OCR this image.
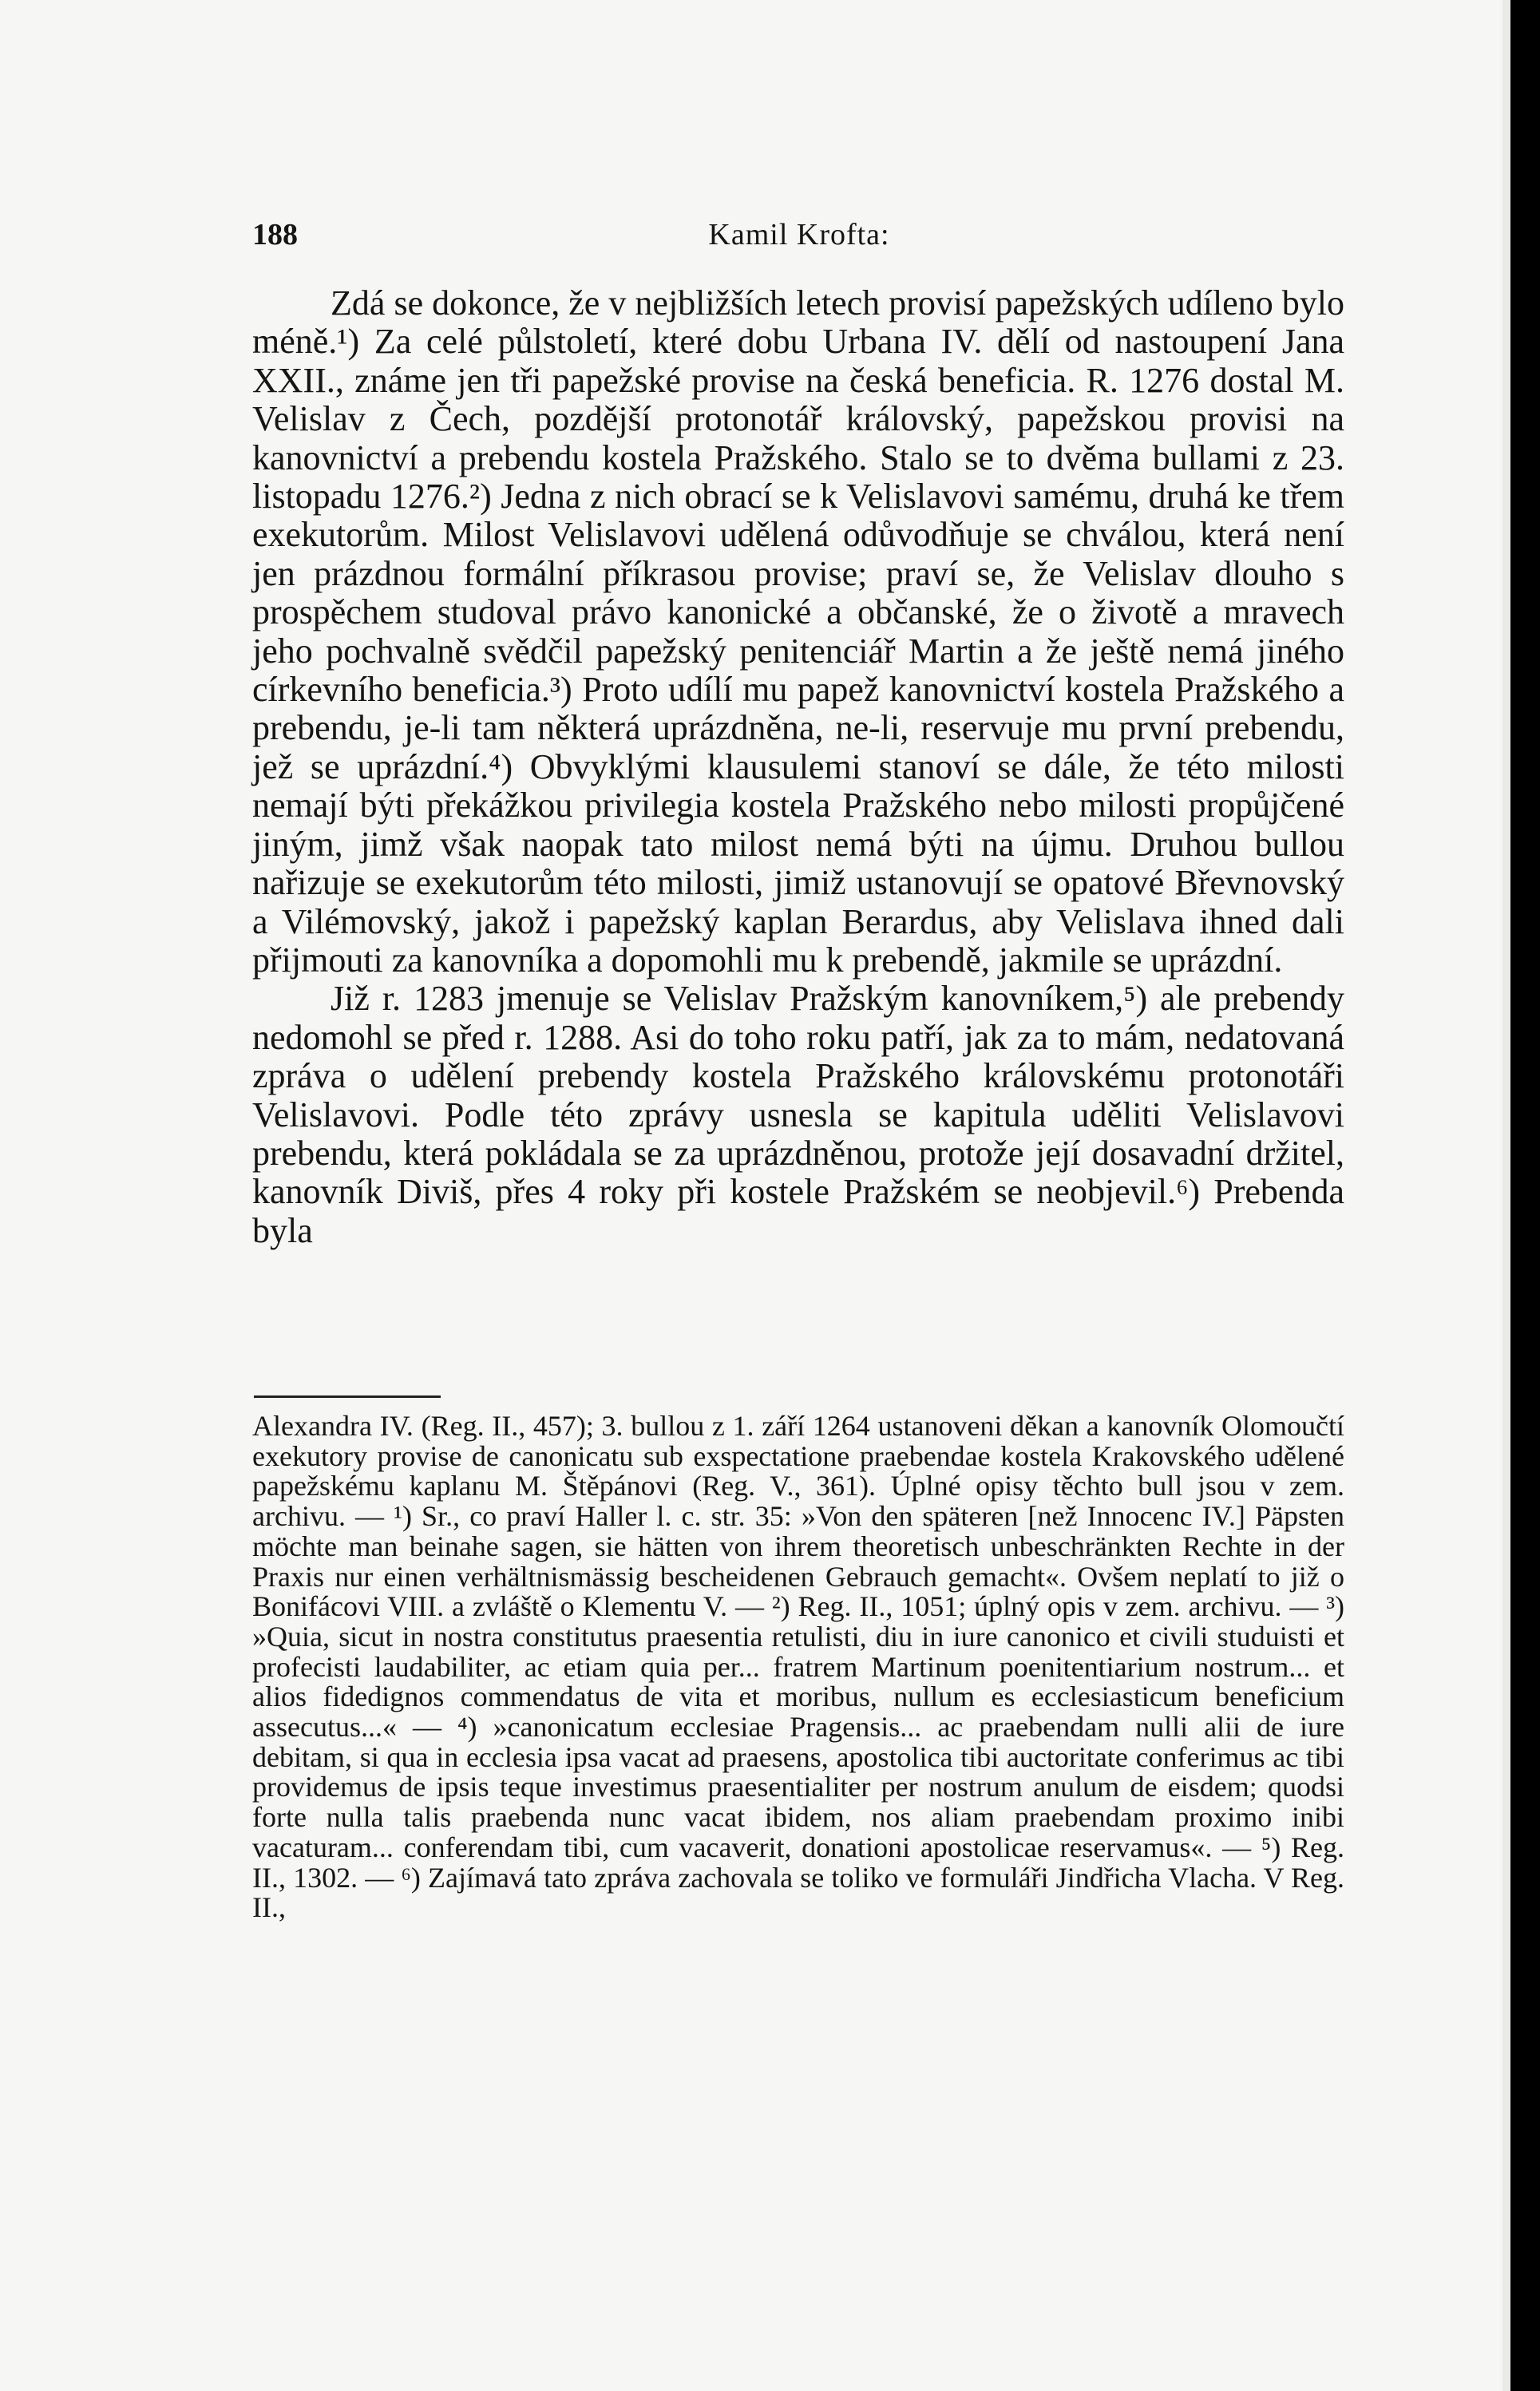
188	Kamil Krofta:

Zdá se dokonce, že v nejbližších letech provisí papežských udíleno bylo méně.¹) Za celé půlstoletí, které dobu Urbana IV. dělí od nastoupení Jana XXII., známe jen tři papežské provise na česká beneficia. R. 1276 dostal M. Velislav z Čech, pozdější protonotář královský, papežskou provisi na kanovnictví a prebendu kostela Pražského. Stalo se to dvěma bullami z 23. listopadu 1276.²) Jedna z nich obrací se k Velislavovi samému, druhá ke třem exekutorům. Milost Velislavovi udělená odůvodňuje se chválou, která není jen prázdnou formální příkrasou provise; praví se, že Velislav dlouho s prospěchem studoval právo kanonické a občanské, že o životě a mravech jeho pochvalně svědčil papežský penitenciář Martin a že ještě nemá jiného církevního beneficia.³) Proto udílí mu papež kanovnictví kostela Pražského a prebendu, je-li tam některá uprázdněna, ne-li, reservuje mu první prebendu, jež se uprázdní.⁴) Obvyklými klausulemi stanoví se dále, že této milosti nemají býti překážkou privilegia kostela Pražského nebo milosti propůjčené jiným, jimž však naopak tato milost nemá býti na újmu. Druhou bullou nařizuje se exekutorům této milosti, jimiž ustanovují se opatové Břevnovský a Vilémovský, jakož i papežský kaplan Berardus, aby Velislava ihned dali přijmouti za kanovníka a dopomohli mu k prebendě, jakmile se uprázdní.

Již r. 1283 jmenuje se Velislav Pražským kanovníkem,⁵) ale prebendy nedomohl se před r. 1288. Asi do toho roku patří, jak za to mám, nedatovaná zpráva o udělení prebendy kostela Pražského královskému protonotáři Velislavovi. Podle této zprávy usnesla se kapitula uděliti Velislavovi prebendu, která pokládala se za uprázdněnou, protože její dosavadní držitel, kanovník Diviš, přes 4 roky při kostele Pražském se neobjevil.⁶) Prebenda byla

Alexandra IV. (Reg. II., 457); 3. bullou z 1. září 1264 ustanoveni děkan a kanovník Olomoučtí exekutory provise de canonicatu sub exspectatione praebendae kostela Krakovského udělené papežskému kaplanu M. Štěpánovi (Reg. V., 361). Úplné opisy těchto bull jsou v zem. archivu. — ¹) Sr., co praví Haller l. c. str. 35: »Von den späteren [než Innocenc IV.] Päpsten möchte man beinahe sagen, sie hätten von ihrem theoretisch unbeschränkten Rechte in der Praxis nur einen verhältnismässig bescheidenen Gebrauch gemacht«. Ovšem neplatí to již o Bonifácovi VIII. a zvláště o Klementu V. — ²) Reg. II., 1051; úplný opis v zem. archivu. — ³) »Quia, sicut in nostra constitutus praesentia retulisti, diu in iure canonico et civili studuisti et profecisti laudabiliter, ac etiam quia per... fratrem Martinum poenitentiarium nostrum... et alios fidedignos commendatus de vita et moribus, nullum es ecclesiasticum beneficium assecutus...« — ⁴) »canonicatum ecclesiae Pragensis... ac praebendam nulli alii de iure debitam, si qua in ecclesia ipsa vacat ad praesens, apostolica tibi auctoritate conferimus ac tibi providemus de ipsis teque investimus praesentialiter per nostrum anulum de eisdem; quodsi forte nulla talis praebenda nunc vacat ibidem, nos aliam praebendam proximo inibi vacaturam... conferendam tibi, cum vacaverit, donationi apostolicae reservamus«. — ⁵) Reg. II., 1302. — ⁶) Zajímavá tato zpráva zachovala se toliko ve formuláři Jindřicha Vlacha. V Reg. II.,
